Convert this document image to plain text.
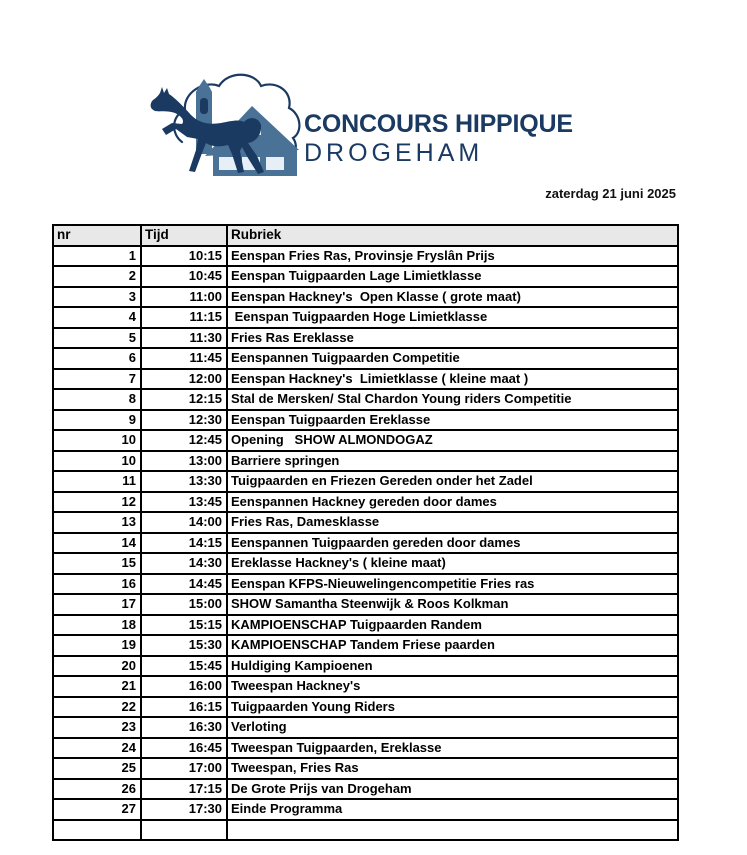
CONCOURS HIPPIQUE
DROGEHAM
zaterdag 21 juni 2025
nr	Tijd	Rubriek
1	10:15	Eenspan Fries Ras, Provinsje Fryslân Prijs
2	10:45	Eenspan Tuigpaarden Lage Limietklasse
3	11:00	Eenspan Hackney's  Open Klasse ( grote maat)
4	11:15	Eenspan Tuigpaarden Hoge Limietklasse
5	11:30	Fries Ras Ereklasse
6	11:45	Eenspannen Tuigpaarden Competitie
7	12:00	Eenspan Hackney's  Limietklasse ( kleine maat )
8	12:15	Stal de Mersken/ Stal Chardon Young riders Competitie
9	12:30	Eenspan Tuigpaarden Ereklasse
10	12:45	Opening   SHOW ALMONDOGAZ
10	13:00	Barriere springen
11	13:30	Tuigpaarden en Friezen Gereden onder het Zadel
12	13:45	Eenspannen Hackney gereden door dames
13	14:00	Fries Ras, Damesklasse
14	14:15	Eenspannen Tuigpaarden gereden door dames
15	14:30	Ereklasse Hackney's ( kleine maat)
16	14:45	Eenspan KFPS-Nieuwelingencompetitie Fries ras
17	15:00	SHOW Samantha Steenwijk & Roos Kolkman
18	15:15	KAMPIOENSCHAP Tuigpaarden Randem
19	15:30	KAMPIOENSCHAP Tandem Friese paarden
20	15:45	Huldiging Kampioenen
21	16:00	Tweespan Hackney's
22	16:15	Tuigpaarden Young Riders
23	16:30	Verloting
24	16:45	Tweespan Tuigpaarden, Ereklasse
25	17:00	Tweespan, Fries Ras
26	17:15	De Grote Prijs van Drogeham
27	17:30	Einde Programma
